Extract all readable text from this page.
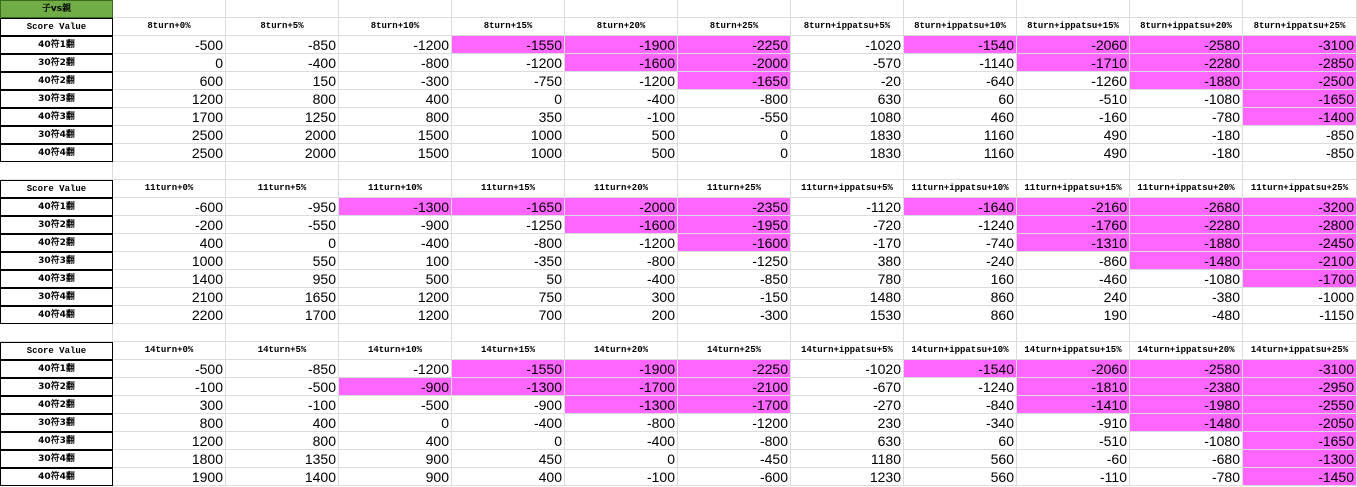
子vs親
Score Value	8turn+0%	8turn+5%	8turn+10%	8turn+15%	8turn+20%	8turn+25%	8turn+ippatsu+5%	8turn+ippatsu+10%	8turn+ippatsu+15%	8turn+ippatsu+20%	8turn+ippatsu+25%
40符1翻	-500	-850	-1200	-1550	-1900	-2250	-1020	-1540	-2060	-2580	-3100
30符2翻	0	-400	-800	-1200	-1600	-2000	-570	-1140	-1710	-2280	-2850
40符2翻	600	150	-300	-750	-1200	-1650	-20	-640	-1260	-1880	-2500
30符3翻	1200	800	400	0	-400	-800	630	60	-510	-1080	-1650
40符3翻	1700	1250	800	350	-100	-550	1080	460	-160	-780	-1400
30符4翻	2500	2000	1500	1000	500	0	1830	1160	490	-180	-850
40符4翻	2500	2000	1500	1000	500	0	1830	1160	490	-180	-850
Score Value	11turn+0%	11turn+5%	11turn+10%	11turn+15%	11turn+20%	11turn+25%	11turn+ippatsu+5%	11turn+ippatsu+10%	11turn+ippatsu+15%	11turn+ippatsu+20%	11turn+ippatsu+25%
40符1翻	-600	-950	-1300	-1650	-2000	-2350	-1120	-1640	-2160	-2680	-3200
30符2翻	-200	-550	-900	-1250	-1600	-1950	-720	-1240	-1760	-2280	-2800
40符2翻	400	0	-400	-800	-1200	-1600	-170	-740	-1310	-1880	-2450
30符3翻	1000	550	100	-350	-800	-1250	380	-240	-860	-1480	-2100
40符3翻	1400	950	500	50	-400	-850	780	160	-460	-1080	-1700
30符4翻	2100	1650	1200	750	300	-150	1480	860	240	-380	-1000
40符4翻	2200	1700	1200	700	200	-300	1530	860	190	-480	-1150
Score Value	14turn+0%	14turn+5%	14turn+10%	14turn+15%	14turn+20%	14turn+25%	14turn+ippatsu+5%	14turn+ippatsu+10%	14turn+ippatsu+15%	14turn+ippatsu+20%	14turn+ippatsu+25%
40符1翻	-500	-850	-1200	-1550	-1900	-2250	-1020	-1540	-2060	-2580	-3100
30符2翻	-100	-500	-900	-1300	-1700	-2100	-670	-1240	-1810	-2380	-2950
40符2翻	300	-100	-500	-900	-1300	-1700	-270	-840	-1410	-1980	-2550
30符3翻	800	400	0	-400	-800	-1200	230	-340	-910	-1480	-2050
40符3翻	1200	800	400	0	-400	-800	630	60	-510	-1080	-1650
30符4翻	1800	1350	900	450	0	-450	1180	560	-60	-680	-1300
40符4翻	1900	1400	900	400	-100	-600	1230	560	-110	-780	-1450
